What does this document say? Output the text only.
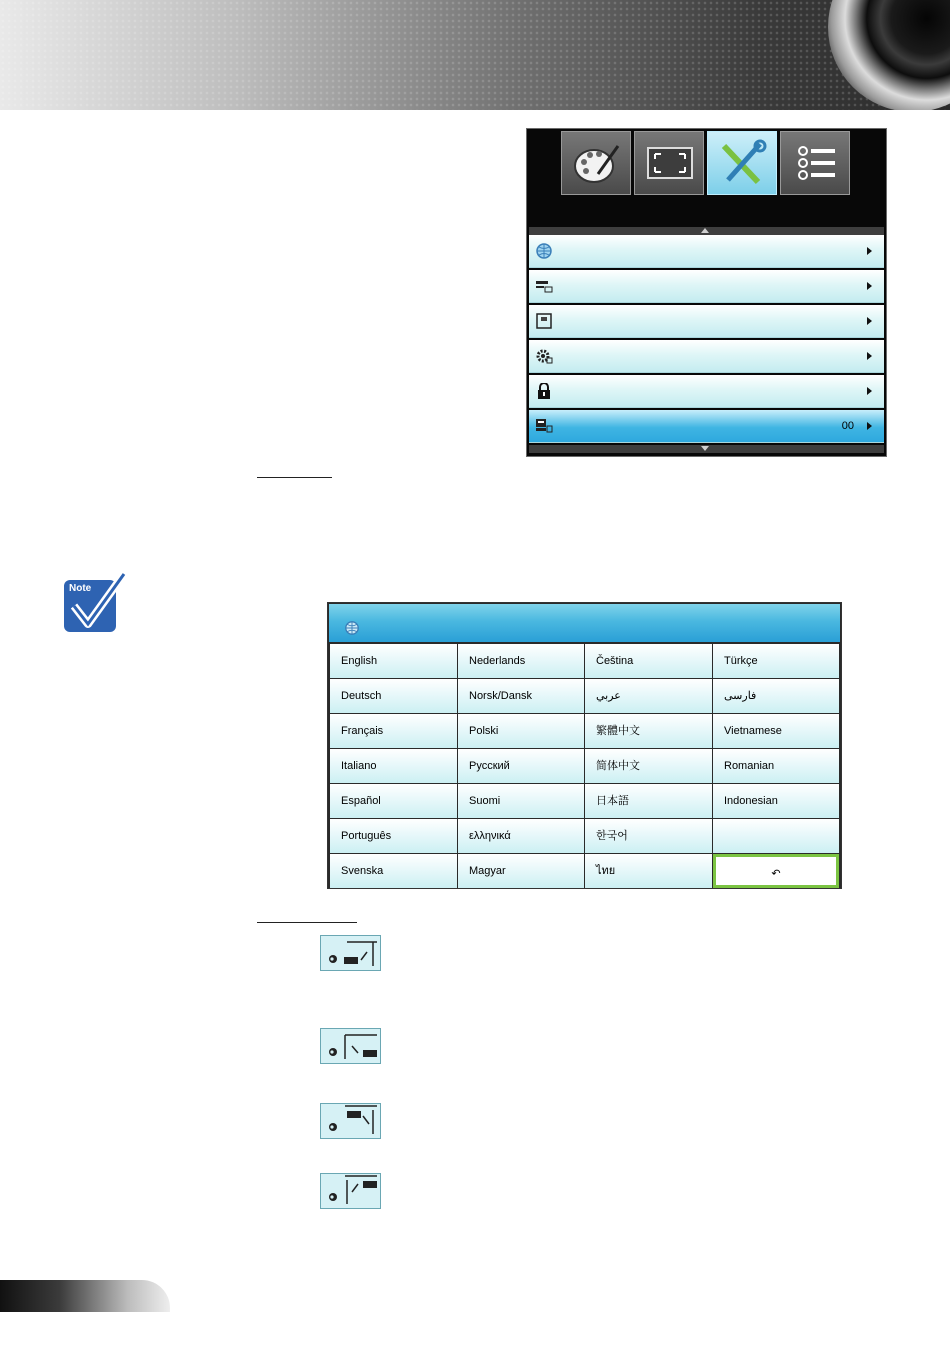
00
Note
English
Deutsch
Français
Italiano
Español
Português
Svenska
Nederlands
Norsk/Dansk
Polski
Русский
Suomi
ελληνικά
Magyar
Čeština
عربي
繁體中文
简体中文
日本語
한국어
ไทย
Türkçe
فارسی
Vietnamese
Romanian
Indonesian
↶
